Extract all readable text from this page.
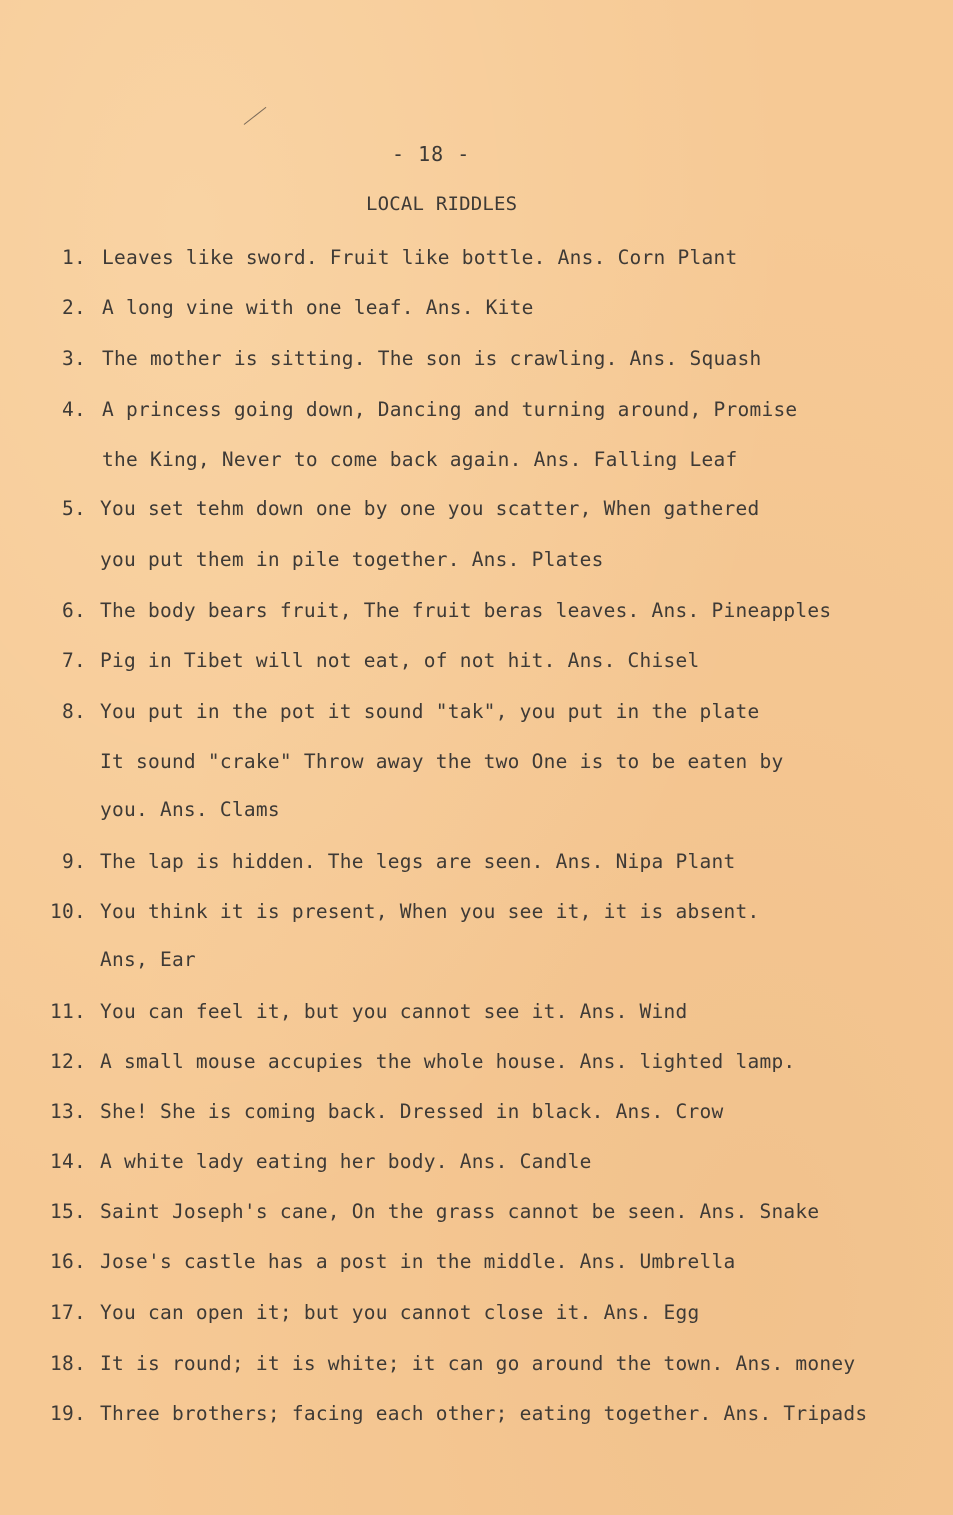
- 18 -
LOCAL RIDDLES
1. Leaves like sword. Fruit like bottle. Ans. Corn Plant
2. A long vine with one leaf. Ans. Kite
3. The mother is sitting. The son is crawling. Ans. Squash
4. A princess going down, Dancing and turning around, Promise
the King, Never to come back again. Ans. Falling Leaf
5. You set tehm down one by one you scatter, When gathered
you put them in pile together. Ans. Plates
6. The body bears fruit, The fruit beras leaves. Ans. Pineapples
7. Pig in Tibet will not eat, of not hit. Ans. Chisel
8. You put in the pot it sound "tak", you put in the plate
It sound "crake" Throw away the two One is to be eaten by
you. Ans. Clams
9. The lap is hidden. The legs are seen. Ans. Nipa Plant
10. You think it is present, When you see it, it is absent.
Ans, Ear
11. You can feel it, but you cannot see it. Ans. Wind
12. A small mouse accupies the whole house. Ans. lighted lamp.
13. She! She is coming back. Dressed in black. Ans. Crow
14. A white lady eating her body. Ans. Candle
15. Saint Joseph's cane, On the grass cannot be seen. Ans. Snake
16. Jose's castle has a post in the middle. Ans. Umbrella
17. You can open it; but you cannot close it. Ans. Egg
18. It is round; it is white; it can go around the town. Ans. money
19. Three brothers; facing each other; eating together. Ans. Tripads
